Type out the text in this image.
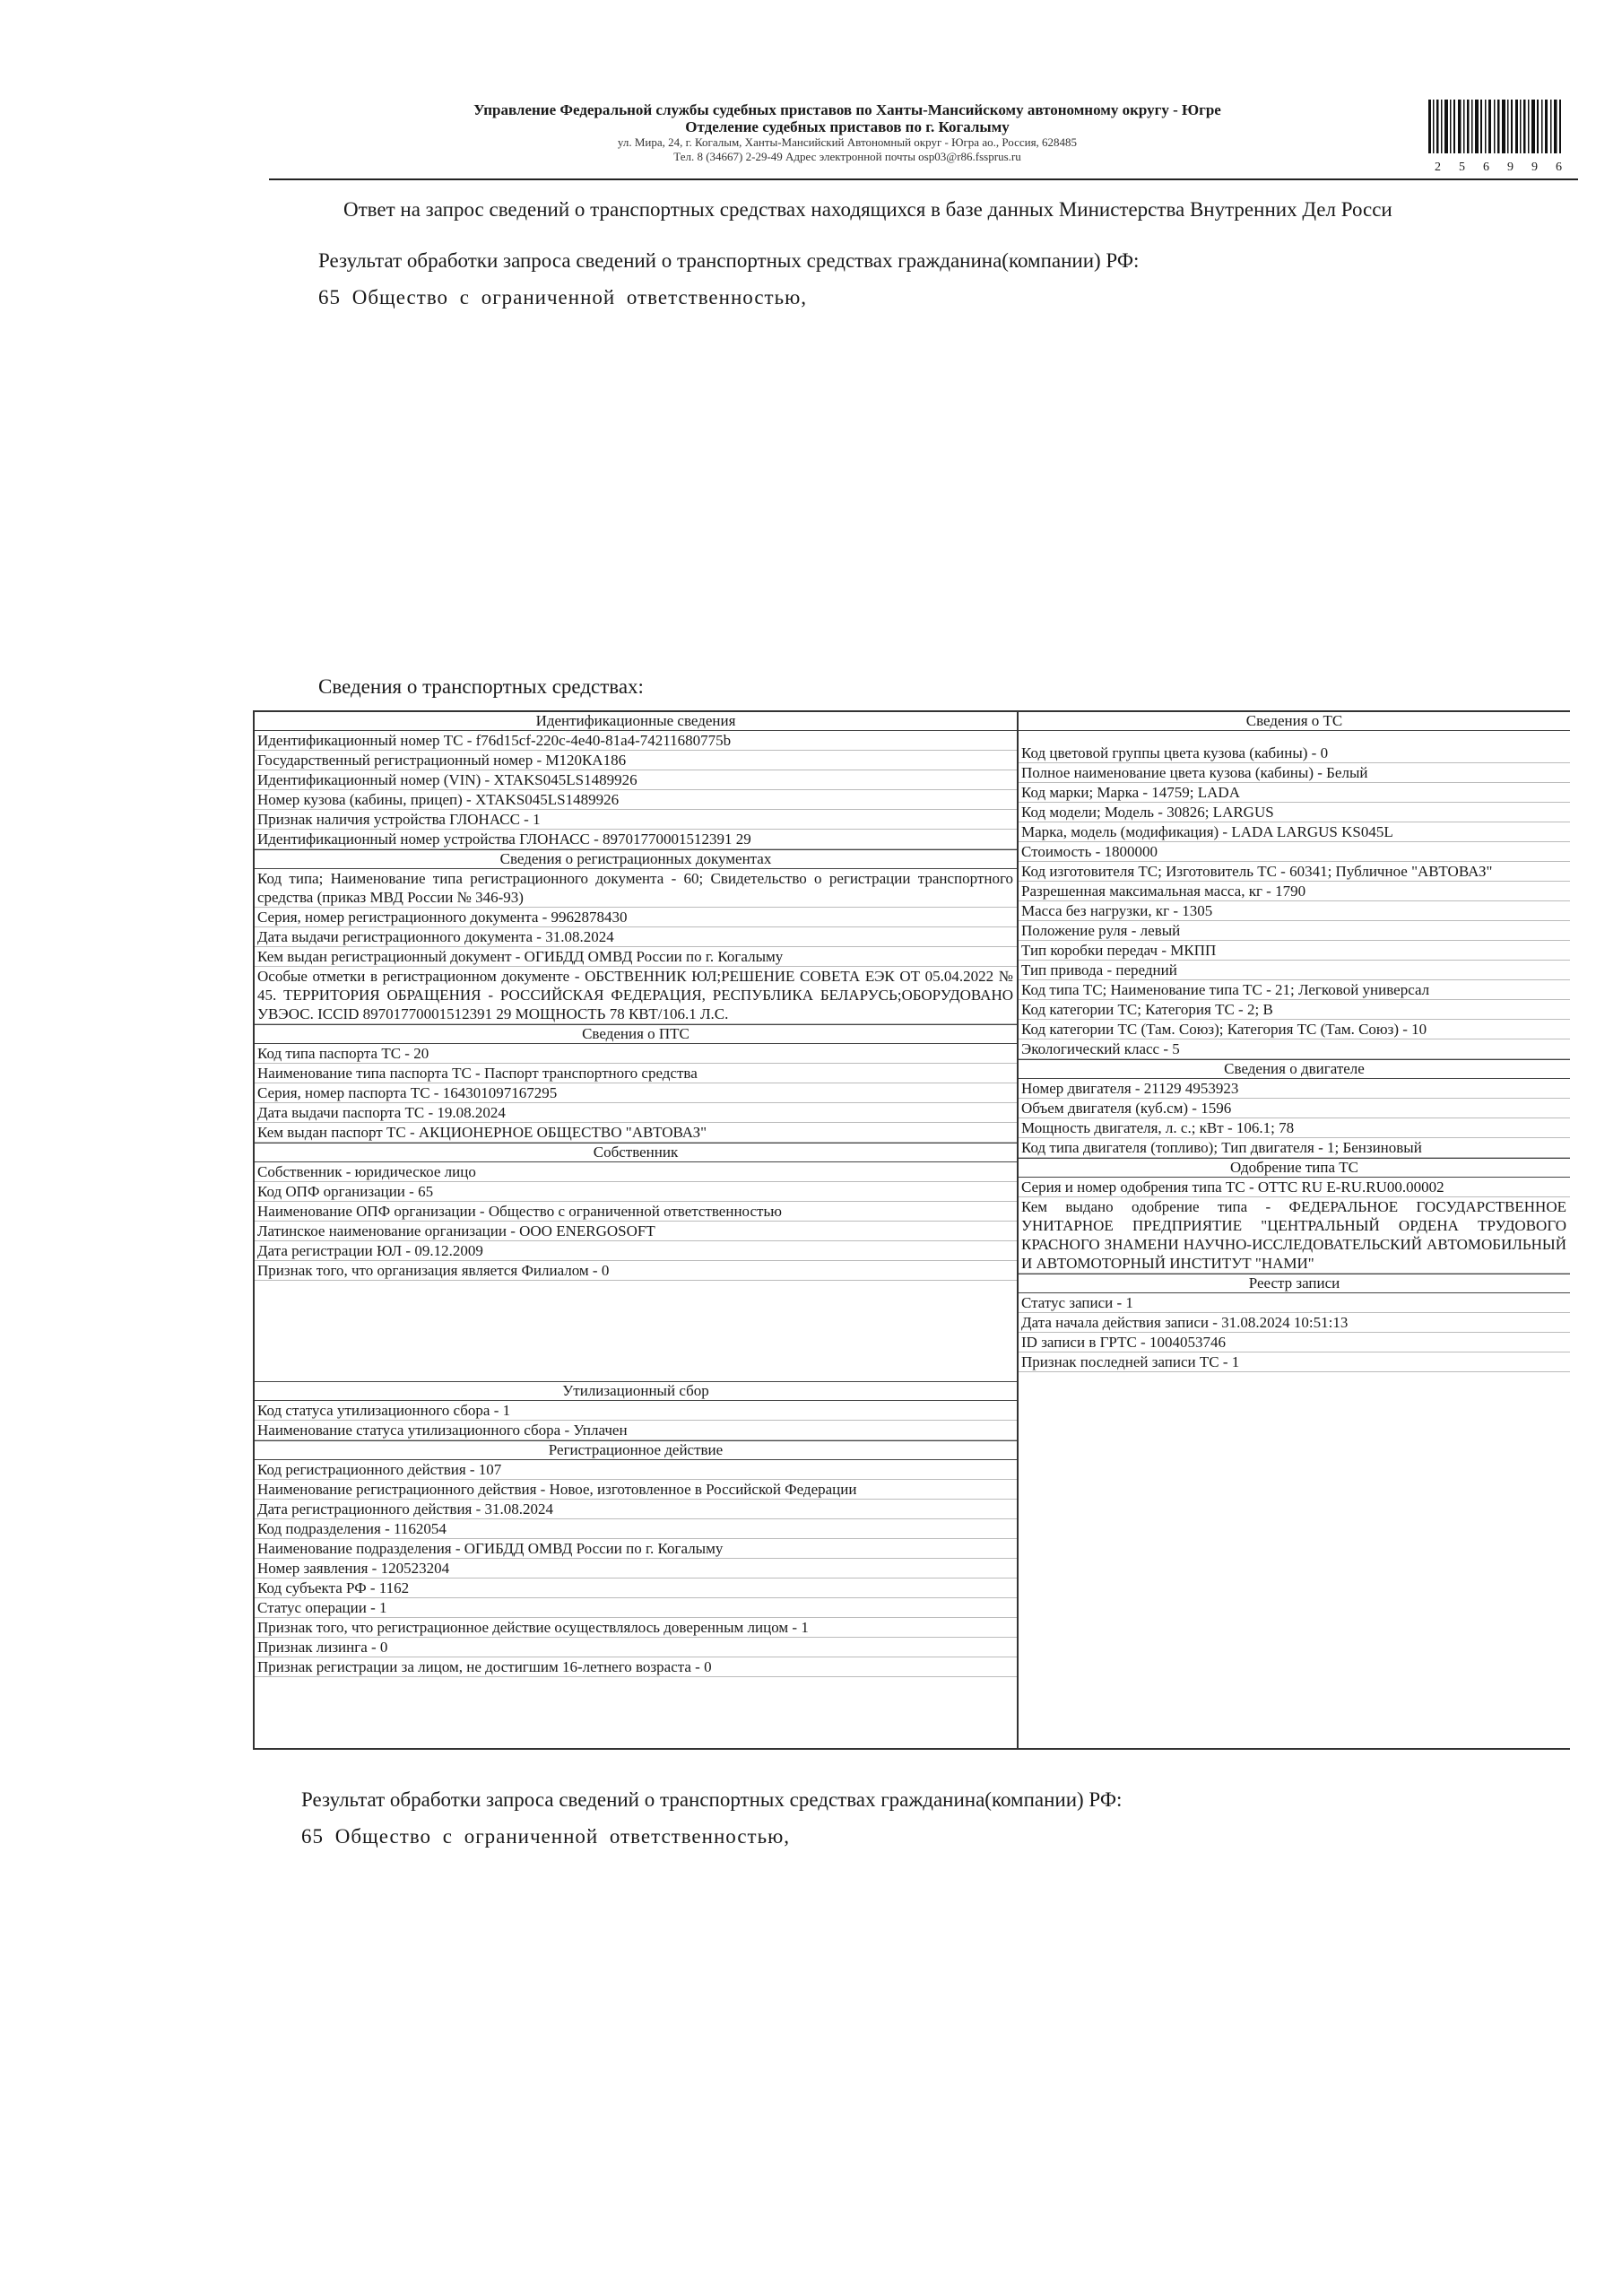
Управление Федеральной службы судебных приставов по Ханты-Мансийскому автономному округу - Югре
Отделение судебных приставов по г. Когалыму
ул. Мира, 24, г. Когалым, Ханты-Мансийский Автономный округ - Югра ао., Россия, 628485
Тел. 8 (34667) 2-29-49 Адрес электронной почты osp03@r86.fssprus.ru
256996
Ответ на запрос сведений о транспортных средствах находящихся в базе данных Министерства Внутренних Дел Росси
Результат обработки запроса сведений о транспортных средствах гражданина(компании) РФ:
65 Общество с ограниченной ответственностью,
Сведения о транспортных средствах:
Идентификационные сведения
Идентификационный номер ТС - f76d15cf-220c-4e40-81a4-74211680775b
Государственный регистрационный номер - М120КА186
Идентификационный номер (VIN) - XTAKS045LS1489926
Номер кузова (кабины, прицеп) - XTAKS045LS1489926
Признак наличия устройства ГЛОНАСС - 1
Идентификационный номер устройства ГЛОНАСС - 89701770001512391 29
Сведения о регистрационных документах
Код типа; Наименование типа регистрационного документа - 60; Свидетельство о регистрации транспортного средства (приказ МВД России № 346-93)
Серия, номер регистрационного документа - 9962878430
Дата выдачи регистрационного документа - 31.08.2024
Кем выдан регистрационный документ - ОГИБДД ОМВД России по г. Когалыму
Особые отметки в регистрационном документе - ОБСТВЕННИК ЮЛ;РЕШЕНИЕ СОВЕТА ЕЭК ОТ 05.04.2022 № 45. ТЕРРИТОРИЯ ОБРАЩЕНИЯ - РОССИЙСКАЯ ФЕДЕРАЦИЯ, РЕСПУБЛИКА БЕЛАРУСЬ;ОБОРУДОВАНО УВЭОС. ICCID 89701770001512391 29 МОЩНОСТЬ 78 КВТ/106.1 Л.С.
Сведения о ПТС
Код типа паспорта ТС - 20
Наименование типа паспорта ТС - Паспорт транспортного средства
Серия, номер паспорта ТС - 164301097167295
Дата выдачи паспорта ТС - 19.08.2024
Кем выдан паспорт ТС - АКЦИОНЕРНОЕ ОБЩЕСТВО "АВТОВАЗ"
Собственник
Собственник - юридическое лицо
Код ОПФ организации - 65
Наименование ОПФ организации - Общество с ограниченной ответственностью
Латинское наименование организации - ООО ENERGOSOFT
Дата регистрации ЮЛ - 09.12.2009
Признак того, что организация является Филиалом - 0
Утилизационный сбор
Код статуса утилизационного сбора - 1
Наименование статуса утилизационного сбора - Уплачен
Регистрационное действие
Код регистрационного действия - 107
Наименование регистрационного действия - Новое, изготовленное в Российской Федерации
Дата регистрационного действия - 31.08.2024
Код подразделения - 1162054
Наименование подразделения - ОГИБДД ОМВД России по г. Когалыму
Номер заявления - 120523204
Код субъекта РФ - 1162
Статус операции - 1
Признак того, что регистрационное действие осуществлялось доверенным лицом - 1
Признак лизинга - 0
Признак регистрации за лицом, не достигшим 16-летнего возраста - 0
Сведения о ТС
Код цветовой группы цвета кузова (кабины) - 0
Полное наименование цвета кузова (кабины) - Белый
Код марки; Марка - 14759; LADA
Код модели; Модель - 30826; LARGUS
Марка, модель (модификация) - LADA LARGUS KS045L
Стоимость - 1800000
Код изготовителя ТС; Изготовитель ТС - 60341; Публичное "АВТОВАЗ"
Разрешенная максимальная масса, кг - 1790
Масса без нагрузки, кг - 1305
Положение руля - левый
Тип коробки передач - МКПП
Тип привода - передний
Код типа ТС; Наименование типа ТС - 21; Легковой универсал
Код категории ТС; Категория ТС - 2; B
Код категории ТС (Там. Союз); Категория ТС (Там. Союз) - 10
Экологический класс - 5
Сведения о двигателе
Номер двигателя - 21129 4953923
Объем двигателя (куб.см) - 1596
Мощность двигателя, л. с.; кВт - 106.1; 78
Код типа двигателя (топливо); Тип двигателя - 1; Бензиновый
Одобрение типа ТС
Серия и номер одобрения типа ТС - ОТТС RU E-RU.RU00.00002
Кем выдано одобрение типа - ФЕДЕРАЛЬНОЕ ГОСУДАРСТВЕННОЕ УНИТАРНОЕ ПРЕДПРИЯТИЕ "ЦЕНТРАЛЬНЫЙ ОРДЕНА ТРУДОВОГО КРАСНОГО ЗНАМЕНИ НАУЧНО-ИССЛЕДОВАТЕЛЬСКИЙ АВТОМОБИЛЬНЫЙ И АВТОМОТОРНЫЙ ИНСТИТУТ "НАМИ"
Реестр записи
Статус записи - 1
Дата начала действия записи - 31.08.2024 10:51:13
ID записи в ГРТС - 1004053746
Признак последней записи ТС - 1
Результат обработки запроса сведений о транспортных средствах гражданина(компании) РФ:
65 Общество с ограниченной ответственностью,
